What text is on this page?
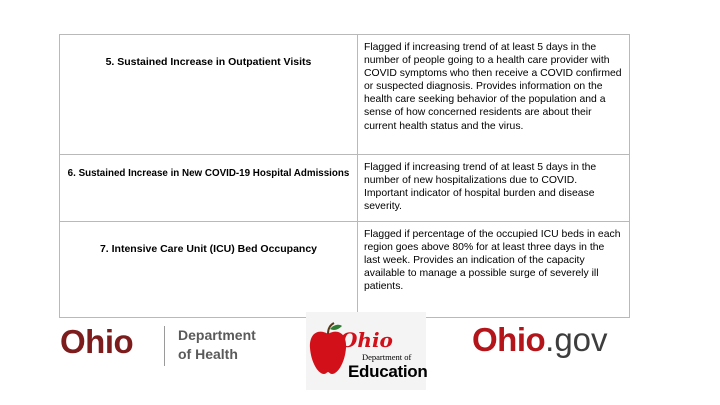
5. Sustained Increase in Outpatient Visits	Flagged if increasing trend of at least 5 days in the number of people going to a health care provider with COVID symptoms who then receive a COVID confirmed or suspected diagnosis. Provides information on the health care seeking behavior of the population and a sense of how concerned residents are about their current health status and the virus.
6. Sustained Increase in New COVID-19 Hospital Admissions	Flagged if increasing trend of at least 5 days in the number of new hospitalizations due to COVID. Important indicator of hospital burden and disease severity.
7. Intensive Care Unit (ICU) Bed Occupancy	Flagged if percentage of the occupied ICU beds in each region goes above 80% for at least three days in the last week. Provides an indication of the capacity available to manage a possible surge of severely ill patients.
Ohio	Department
of Health
Ohio
Department of
Education
Ohio.gov
